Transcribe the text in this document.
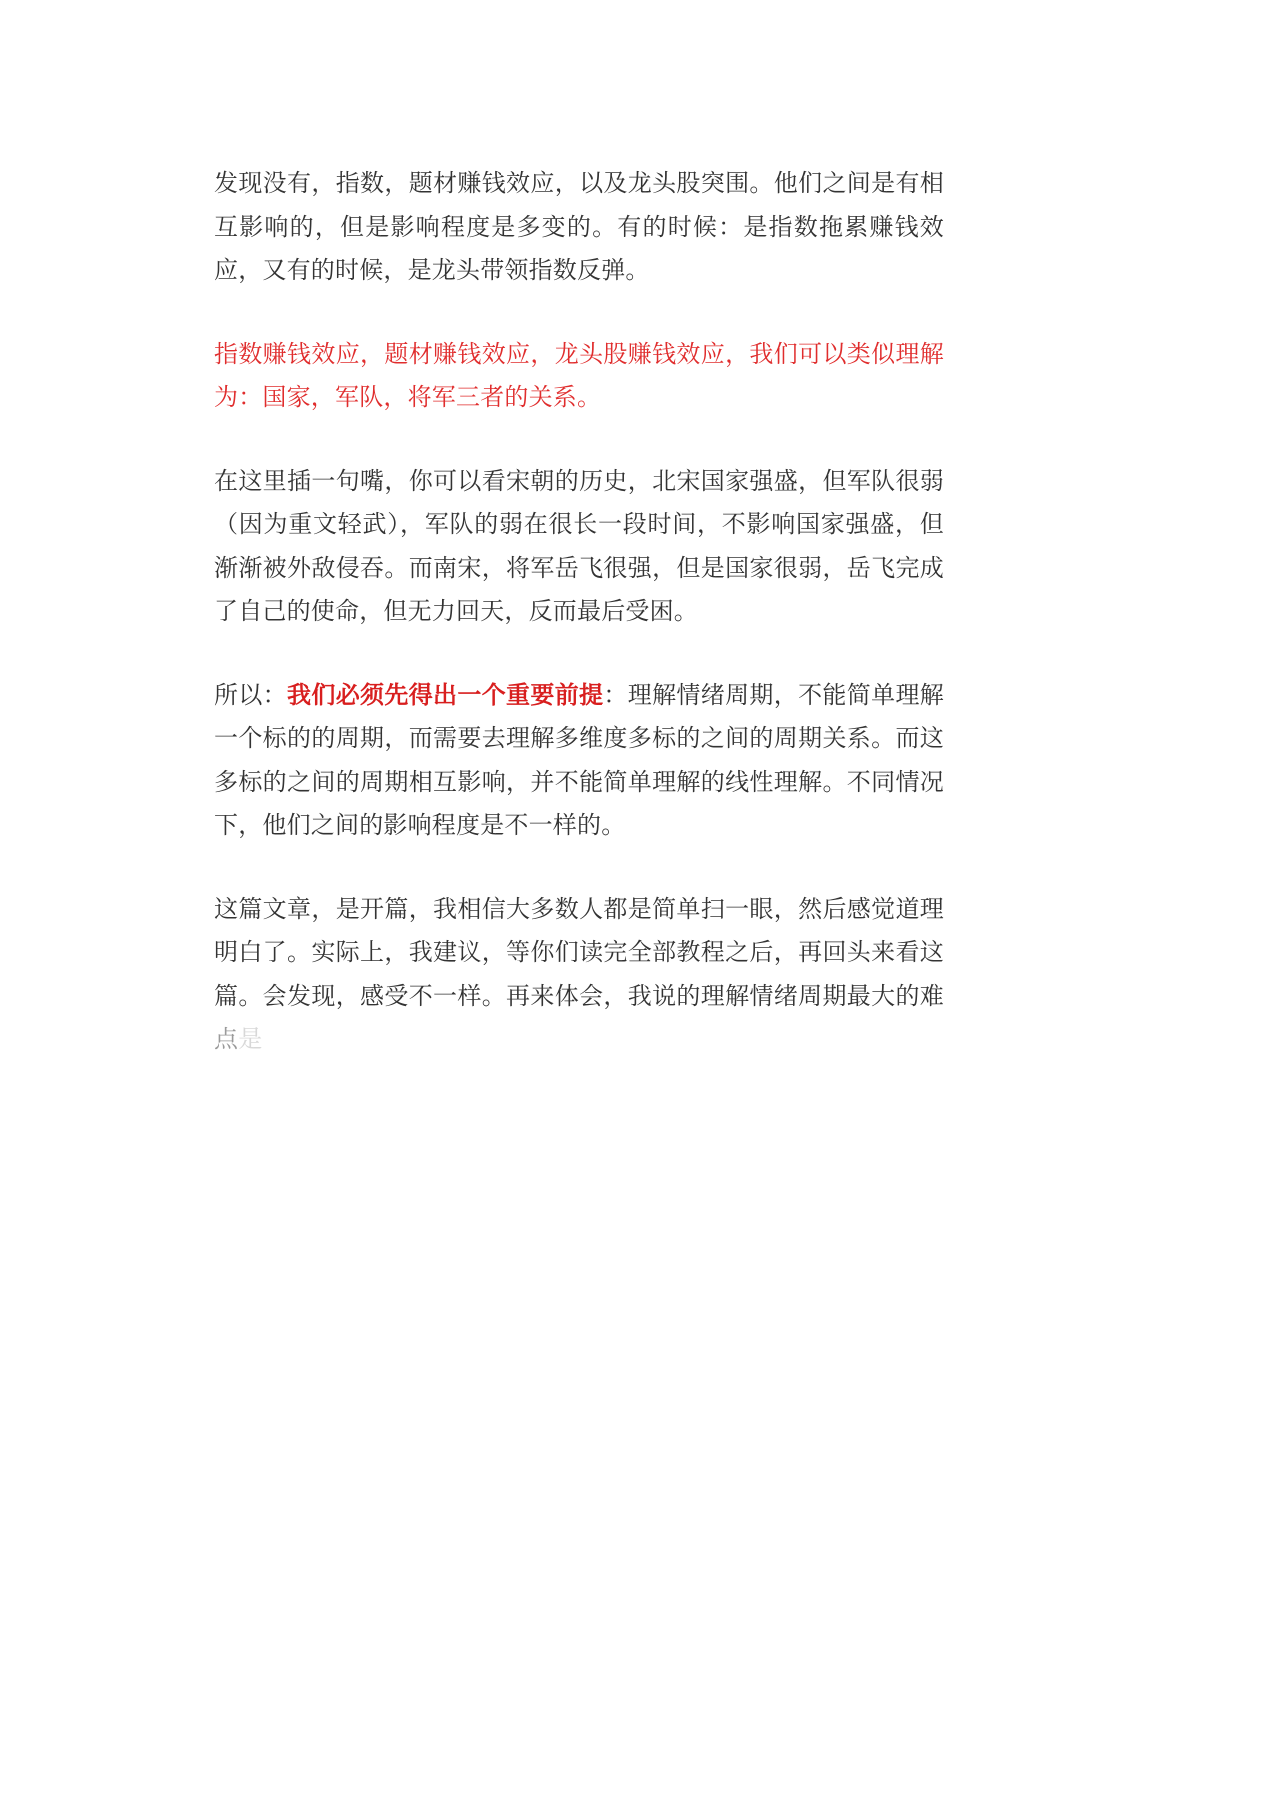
发现没有，指数，题材赚钱效应，以及龙头股突围。他们之间是有相互影响的，但是影响程度是多变的。有的时候：是指数拖累赚钱效应，又有的时候，是龙头带领指数反弹。

指数赚钱效应，题材赚钱效应，龙头股赚钱效应，我们可以类似理解为：国家，军队，将军三者的关系。

在这里插一句嘴，你可以看宋朝的历史，北宋国家强盛，但军队很弱（因为重文轻武），军队的弱在很长一段时间，不影响国家强盛，但渐渐被外敌侵吞。而南宋，将军岳飞很强，但是国家很弱，岳飞完成了自己的使命，但无力回天，反而最后受困。

所以：我们必须先得出一个重要前提：理解情绪周期，不能简单理解一个标的的周期，而需要去理解多维度多标的之间的周期关系。而这多标的之间的周期相互影响，并不能简单理解的线性理解。不同情况下，他们之间的影响程度是不一样的。

这篇文章，是开篇，我相信大多数人都是简单扫一眼，然后感觉道理明白了。实际上，我建议，等你们读完全部教程之后，再回头来看这篇。会发现，感受不一样。再来体会，我说的理解情绪周期最大的难点是
